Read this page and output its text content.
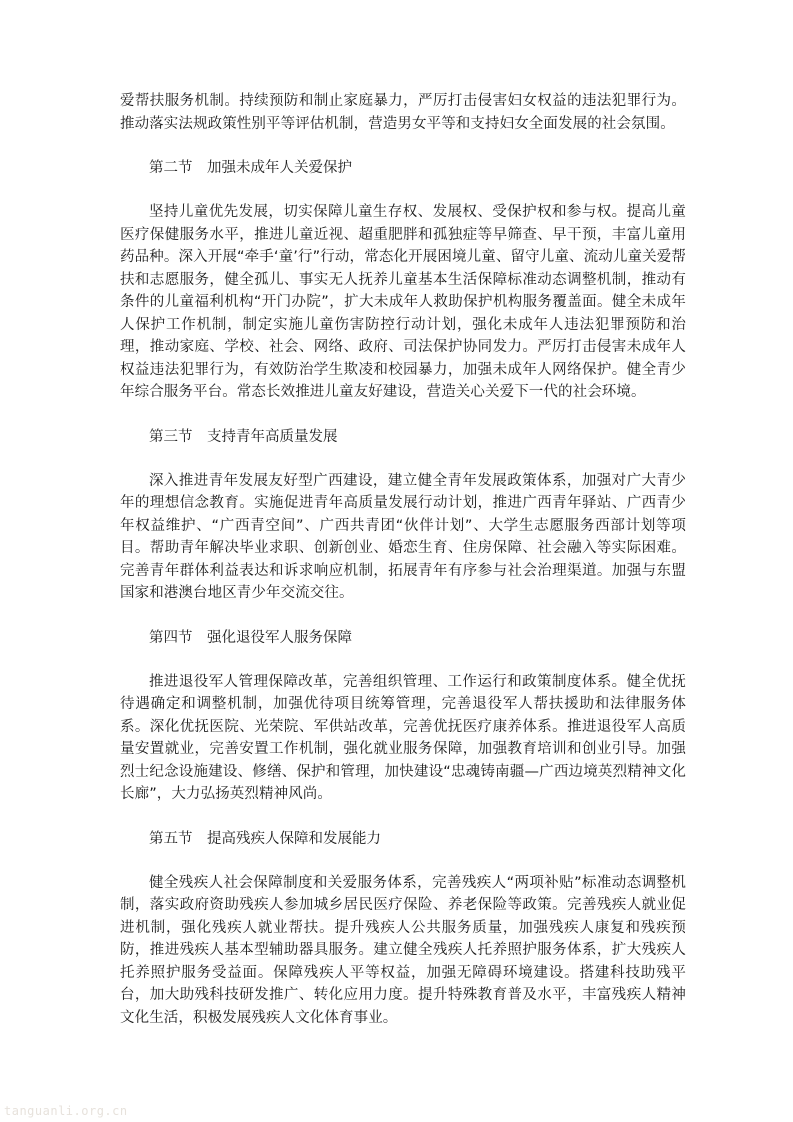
爱帮扶服务机制。持续预防和制止家庭暴力，严厉打击侵害妇女权益的违法犯罪行为。推动落实法规政策性别平等评估机制，营造男女平等和支持妇女全面发展的社会氛围。

第二节　加强未成年人关爱保护

坚持儿童优先发展，切实保障儿童生存权、发展权、受保护权和参与权。提高儿童医疗保健服务水平，推进儿童近视、超重肥胖和孤独症等早筛查、早干预，丰富儿童用药品种。深入开展“牵手‘童’行”行动，常态化开展困境儿童、留守儿童、流动儿童关爱帮扶和志愿服务，健全孤儿、事实无人抚养儿童基本生活保障标准动态调整机制，推动有条件的儿童福利机构“开门办院”，扩大未成年人救助保护机构服务覆盖面。健全未成年人保护工作机制，制定实施儿童伤害防控行动计划，强化未成年人违法犯罪预防和治理，推动家庭、学校、社会、网络、政府、司法保护协同发力。严厉打击侵害未成年人权益违法犯罪行为，有效防治学生欺凌和校园暴力，加强未成年人网络保护。健全青少年综合服务平台。常态长效推进儿童友好建设，营造关心关爱下一代的社会环境。

第三节　支持青年高质量发展

深入推进青年发展友好型广西建设，建立健全青年发展政策体系，加强对广大青少年的理想信念教育。实施促进青年高质量发展行动计划，推进广西青年驿站、广西青少年权益维护、“广西青空间”、广西共青团“伙伴计划”、大学生志愿服务西部计划等项目。帮助青年解决毕业求职、创新创业、婚恋生育、住房保障、社会融入等实际困难。完善青年群体利益表达和诉求响应机制，拓展青年有序参与社会治理渠道。加强与东盟国家和港澳台地区青少年交流交往。

第四节　强化退役军人服务保障

推进退役军人管理保障改革，完善组织管理、工作运行和政策制度体系。健全优抚待遇确定和调整机制，加强优待项目统筹管理，完善退役军人帮扶援助和法律服务体系。深化优抚医院、光荣院、军供站改革，完善优抚医疗康养体系。推进退役军人高质量安置就业，完善安置工作机制，强化就业服务保障，加强教育培训和创业引导。加强烈士纪念设施建设、修缮、保护和管理，加快建设“忠魂铸南疆—广西边境英烈精神文化长廊”，大力弘扬英烈精神风尚。

第五节　提高残疾人保障和发展能力

健全残疾人社会保障制度和关爱服务体系，完善残疾人“两项补贴”标准动态调整机制，落实政府资助残疾人参加城乡居民医疗保险、养老保险等政策。完善残疾人就业促进机制，强化残疾人就业帮扶。提升残疾人公共服务质量，加强残疾人康复和残疾预防，推进残疾人基本型辅助器具服务。建立健全残疾人托养照护服务体系，扩大残疾人托养照护服务受益面。保障残疾人平等权益，加强无障碍环境建设。搭建科技助残平台，加大助残科技研发推广、转化应用力度。提升特殊教育普及水平，丰富残疾人精神文化生活，积极发展残疾人文化体育事业。

tanguanli.org.cn
